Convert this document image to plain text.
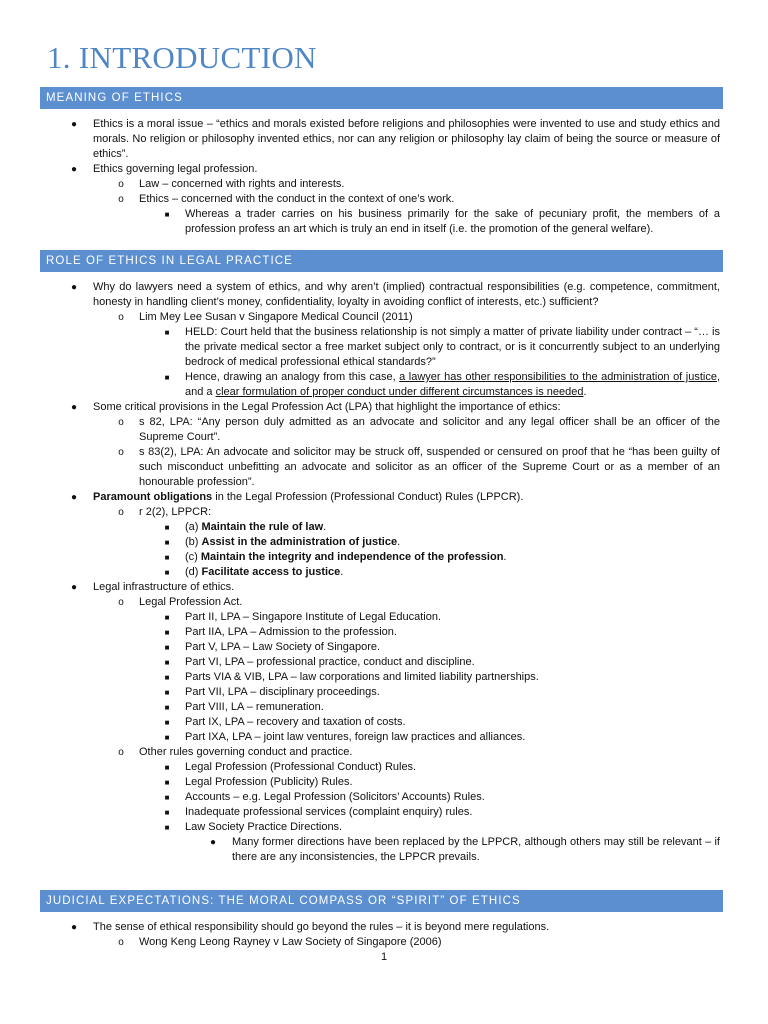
1. INTRODUCTION
MEANING OF ETHICS
● Ethics is a moral issue – “ethics and morals existed before religions and philosophies were invented to use and study ethics and morals. No religion or philosophy invented ethics, nor can any religion or philosophy lay claim of being the source or measure of ethics”.
● Ethics governing legal profession.
o Law – concerned with rights and interests.
o Ethics – concerned with the conduct in the context of one’s work.
■	Whereas a trader carries on his business primarily for the sake of pecuniary profit, the members of a profession profess an art which is truly an end in itself (i.e. the promotion of the general welfare).
ROLE OF ETHICS IN LEGAL PRACTICE
● Why do lawyers need a system of ethics, and why aren’t (implied) contractual responsibilities (e.g. competence, commitment, honesty in handling client’s money, confidentiality, loyalty in avoiding conflict of interests, etc.) sufficient?
o Lim Mey Lee Susan v Singapore Medical Council (2011)
■	HELD: Court held that the business relationship is not simply a matter of private liability under contract – “… is the private medical sector a free market subject only to contract, or is it concurrently subject to an underlying bedrock of medical professional ethical standards?”
■	Hence, drawing an analogy from this case, a lawyer has other responsibilities to the administration of justice, and a clear formulation of proper conduct under different circumstances is needed.
● Some critical provisions in the Legal Profession Act (LPA) that highlight the importance of ethics:
o s 82, LPA: “Any person duly admitted as an advocate and solicitor and any legal officer shall be an officer of the Supreme Court”.
o s 83(2), LPA: An advocate and solicitor may be struck off, suspended or censured on proof that he “has been guilty of such misconduct unbefitting an advocate and solicitor as an officer of the Supreme Court or as a member of an honourable profession”.
● Paramount obligations in the Legal Profession (Professional Conduct) Rules (LPPCR).
o r 2(2), LPPCR:
■	(a) Maintain the rule of law.
■	(b) Assist in the administration of justice.
■	(c) Maintain the integrity and independence of the profession.
■	(d) Facilitate access to justice.
● Legal infrastructure of ethics.
o Legal Profession Act.
■	Part II, LPA – Singapore Institute of Legal Education.
■	Part IIA, LPA – Admission to the profession.
■	Part V, LPA – Law Society of Singapore.
■	Part VI, LPA – professional practice, conduct and discipline.
■	Parts VIA & VIB, LPA – law corporations and limited liability partnerships.
■	Part VII, LPA – disciplinary proceedings.
■	Part VIII, LA – remuneration.
■	Part IX, LPA – recovery and taxation of costs.
■	Part IXA, LPA – joint law ventures, foreign law practices and alliances.
o Other rules governing conduct and practice.
■	Legal Profession (Professional Conduct) Rules.
■	Legal Profession (Publicity) Rules.
■	Accounts – e.g. Legal Profession (Solicitors’ Accounts) Rules.
■	Inadequate professional services (complaint enquiry) rules.
■	Law Society Practice Directions.
● Many former directions have been replaced by the LPPCR, although others may still be relevant – if there are any inconsistencies, the LPPCR prevails.
JUDICIAL EXPECTATIONS: THE MORAL COMPASS OR “SPIRIT” OF ETHICS
● The sense of ethical responsibility should go beyond the rules – it is beyond mere regulations.
o Wong Keng Leong Rayney v Law Society of Singapore (2006)
1
